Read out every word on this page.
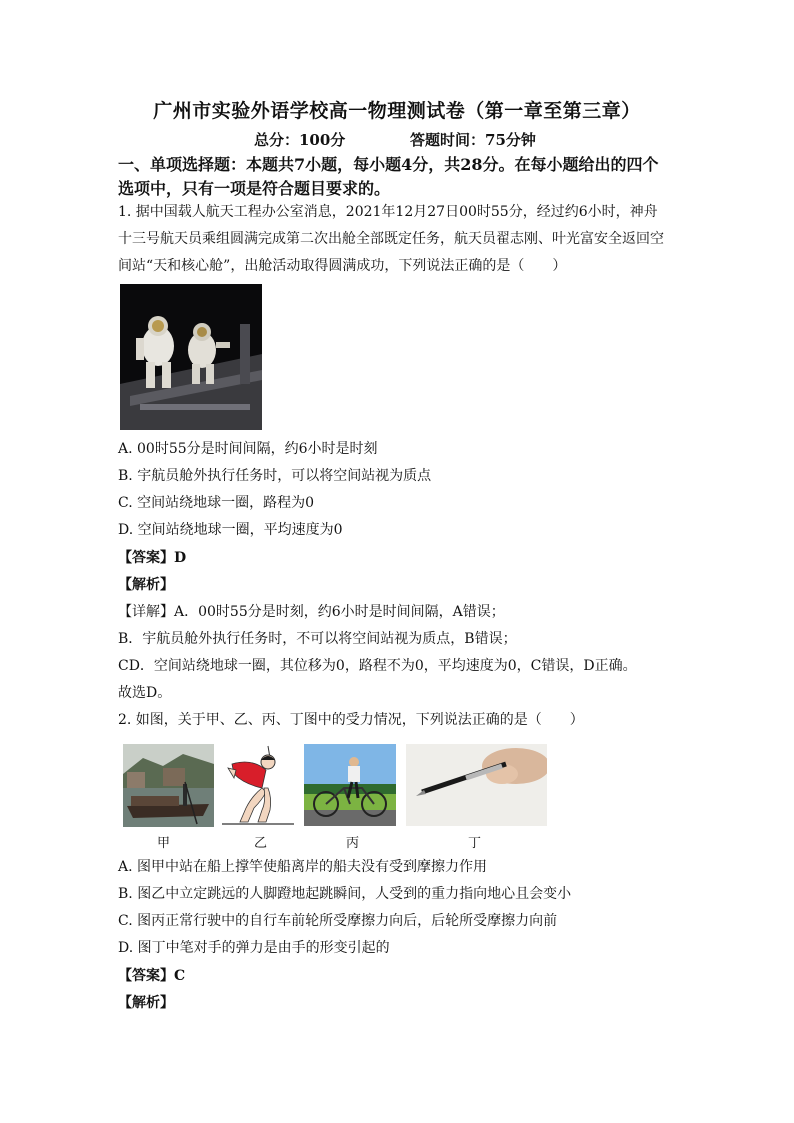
广州市实验外语学校高一物理测试卷（第一章至第三章）
总分：100分	答题时间：75分钟
一、单项选择题：本题共7小题，每小题4分，共28分。在每小题给出的四个
选项中，只有一项是符合题目要求的。
1. 据中国载人航天工程办公室消息，2021年12月27日00时55分，经过约6小时，神舟
十三号航天员乘组圆满完成第二次出舱全部既定任务，航天员翟志刚、叶光富安全返回空
间站“天和核心舱”，出舱活动取得圆满成功，下列说法正确的是（　　）
A. 00时55分是时间间隔，约6小时是时刻
B. 宇航员舱外执行任务时，可以将空间站视为质点
C. 空间站绕地球一圈，路程为0
D. 空间站绕地球一圈，平均速度为0
【答案】D
【解析】
【详解】A．00时55分是时刻，约6小时是时间间隔，A错误；
B．宇航员舱外执行任务时，不可以将空间站视为质点，B错误；
CD．空间站绕地球一圈，其位移为0，路程不为0，平均速度为0，C错误，D正确。
故选D。
2. 如图，关于甲、乙、丙、丁图中的受力情况，下列说法正确的是（　　）
甲	乙	丙	丁
A. 图甲中站在船上撑竿使船离岸的船夫没有受到摩擦力作用
B. 图乙中立定跳远的人脚蹬地起跳瞬间，人受到的重力指向地心且会变小
C. 图丙正常行驶中的自行车前轮所受摩擦力向后，后轮所受摩擦力向前
D. 图丁中笔对手的弹力是由手的形变引起的
【答案】C
【解析】
